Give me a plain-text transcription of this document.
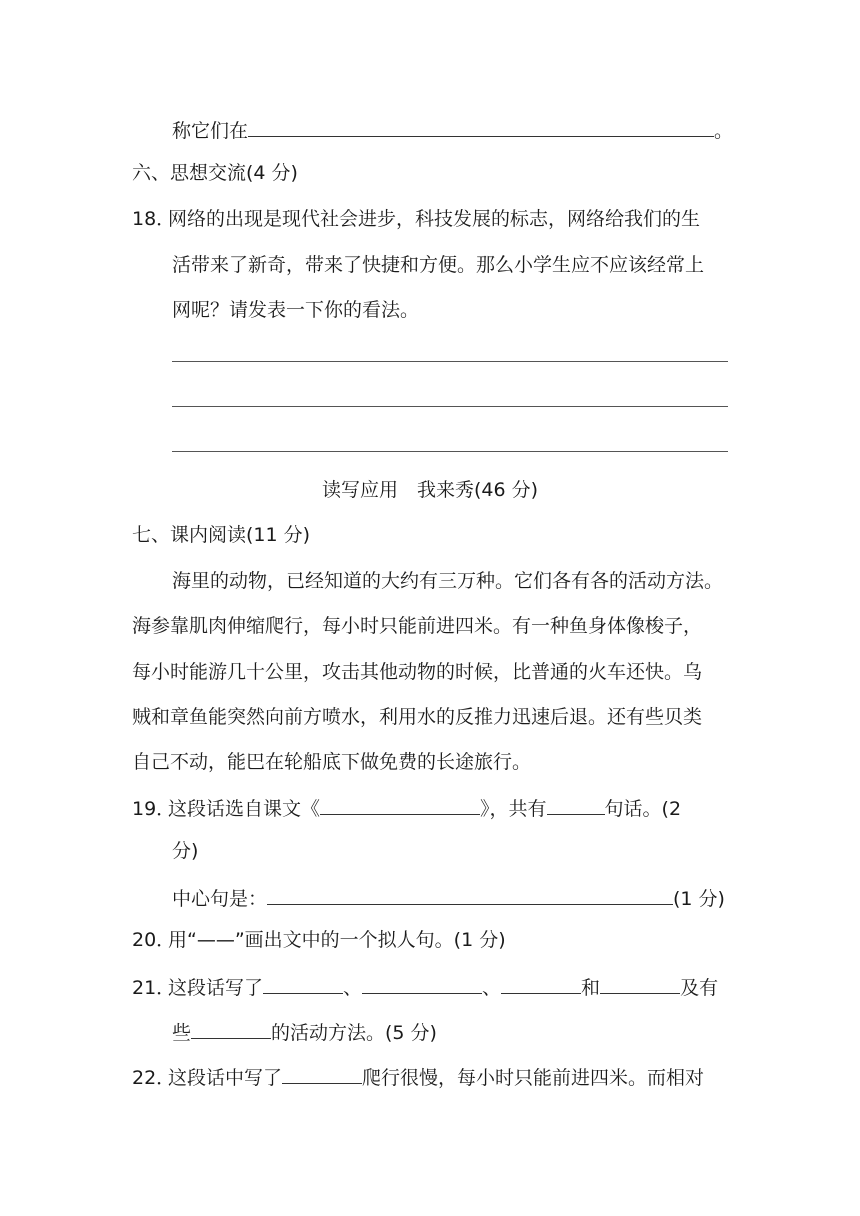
称它们在	。
六、思想交流(4 分)
18．网络的出现是现代社会进步，科技发展的标志，网络给我们的生
活带来了新奇，带来了快捷和方便。那么小学生应不应该经常上
网呢？请发表一下你的看法。
读写应用　我来秀(46 分)
七、课内阅读(11 分)
海里的动物，已经知道的大约有三万种。它们各有各的活动方法。
海参靠肌肉伸缩爬行，每小时只能前进四米。有一种鱼身体像梭子，
每小时能游几十公里，攻击其他动物的时候，比普通的火车还快。乌
贼和章鱼能突然向前方喷水，利用水的反推力迅速后退。还有些贝类
自己不动，能巴在轮船底下做免费的长途旅行。
19．这段话选自课文《	》，共有	句话。(2
分)
中心句是：	(1 分)
20．用“——”画出文中的一个拟人句。(1 分)
21．这段话写了	、	、	和	及有
些	的活动方法。(5 分)
22．这段话中写了	爬行很慢，每小时只能前进四米。而相对
